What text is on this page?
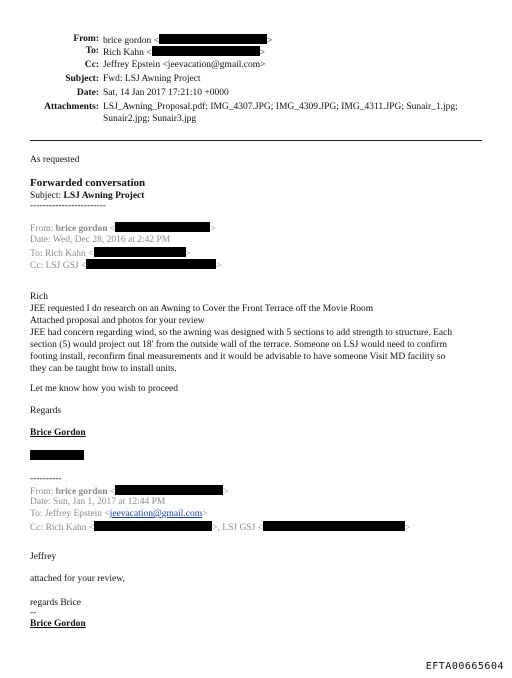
From: brice gordon <	>
To: Rich Kahn <	>
Cc: Jeffrey Epstein <jeevacation@gmail.com>
Subject: Fwd: LSJ Awning Project
Date: Sat, 14 Jan 2017 17:21:10 +0000
Attachments: LSJ_Awning_Proposal.pdf; IMG_4307.JPG; IMG_4309.JPG; IMG_4311.JPG; Sunair_1.jpg;
Sunair2.jpg; Sunair3.jpg
As requested
Forwarded conversation
Subject: LSJ Awning Project
------------------------
From: brice gordon <	>
Date: Wed, Dec 28, 2016 at 2:42 PM
To: Rich Kahn <	>
Cc: LSJ GSJ <	>
Rich
JEE requested I do research on an Awning to Cover the Front Terrace off the Movie Room
Attached proposal and photos for your review
JEE had concern regarding wind, so the awning was designed with 5 sections to add strength to structure. Each
section (5) would project out 18' from the outside wall of the terrace. Someone on LSJ would need to confirm
footing install, reconfirm final measurements and it would be advisable to have someone Visit MD facility so
they can be taught how to install units.
Let me know how you wish to proceed
Regards
Brice Gordon
----------
From: brice gordon <	>
Date: Sun, Jan 1, 2017 at 12:44 PM
To: Jeffrey Epstein <jeevacation@gmail.com>
Cc: Rich Kahn <	>, LSJ GSJ <	>
Jeffrey
attached for your review,
regards Brice
--
Brice Gordon
EFTA00665604
